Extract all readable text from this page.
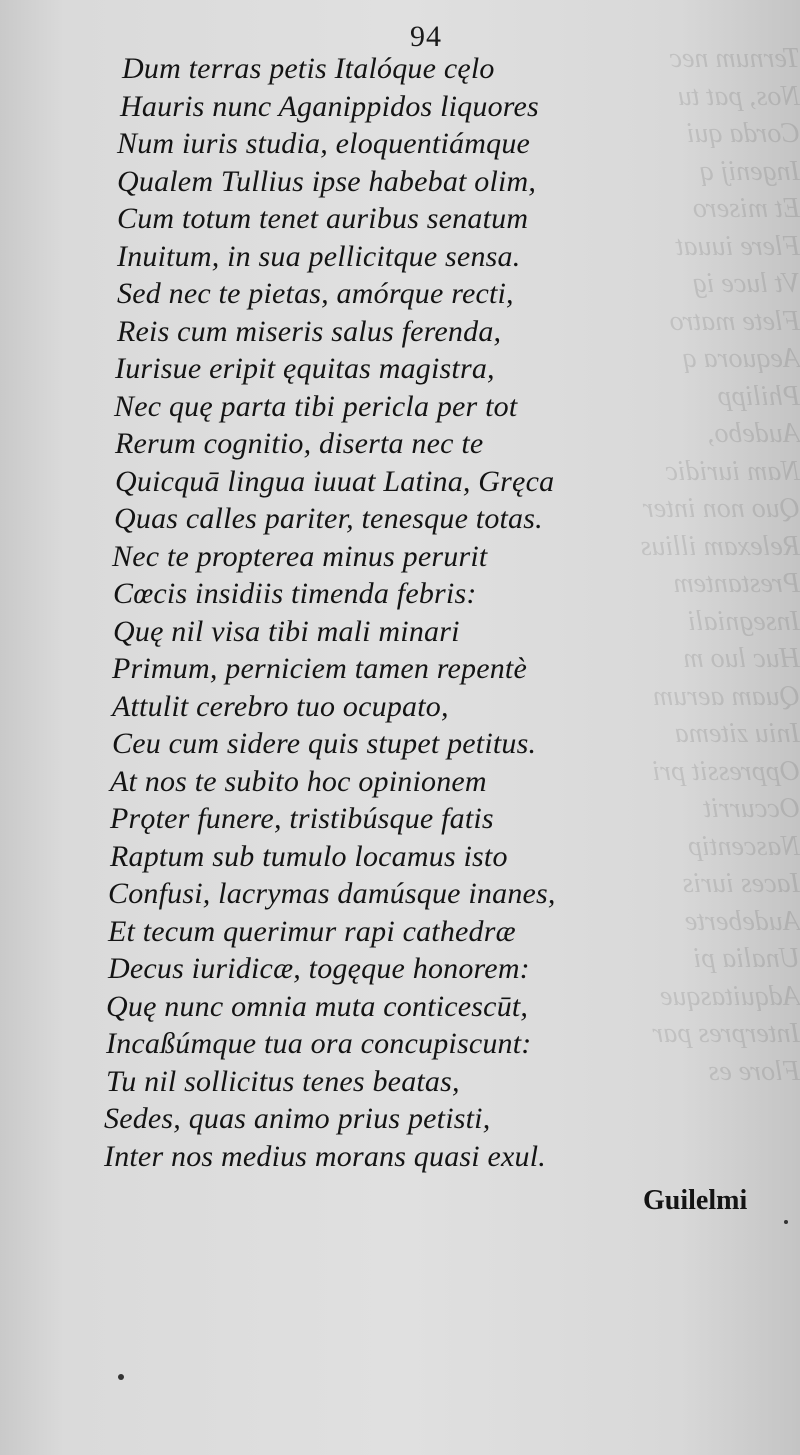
Ternum nec
Nos, pat tu
Corda qui
Ingenij q
Et misero
Flere iuuat
Vt luce ig
Flete matro
Aequora q
Philipp
Audebo,
Nam iuridic
Quo non inter
Relexam illius
Prestantem
Insegniali
Huc luo m
Quam aerum
Iniu zitema
Oppressit pri
Occurrit
Nascentip
Iaces iuris
Audeberte
Unalia pi
Adquitasque
Interpres par
Flore es
94
Dum terras petis Italóque cęlo
Hauris nunc Aganippidos liquores
Num iuris studia, eloquentiámque
Qualem Tullius ipse habebat olim,
Cum totum tenet auribus senatum
Inuitum, in sua pellicitque sensa.
Sed nec te pietas, amórque recti,
Reis cum miseris salus ferenda,
Iurisue eripit ęquitas magistra,
Nec quę parta tibi pericla per tot
Rerum cognitio, diserta nec te
Quicquā lingua iuuat Latina, Gręca
Quas calles pariter, tenesque totas.
Nec te propterea minus perurit
Cœcis insidiis timenda febris:
Quę nil visa tibi mali minari
Primum, perniciem tamen repentè
Attulit cerebro tuo ocupato,
Ceu cum sidere quis stupet petitus.
At nos te subito hoc opinionem
Prǫter funere, tristibúsque fatis
Raptum sub tumulo locamus isto
Confusi, lacrymas damúsque inanes,
Et tecum querimur rapi cathedræ
Decus iuridicæ, togęque honorem:
Quę nunc omnia muta conticescūt,
Incaßúmque tua ora concupiscunt:
Tu nil sollicitus tenes beatas,
Sedes, quas animo prius petisti,
Inter nos medius morans quasi exul.
Guilelmi
